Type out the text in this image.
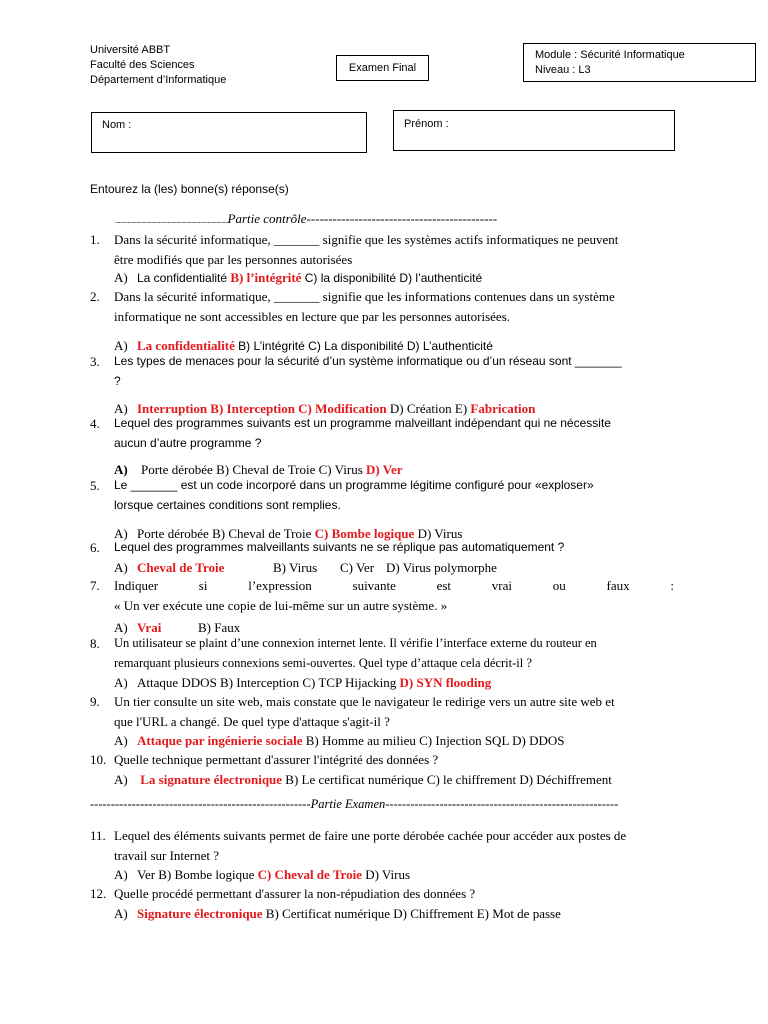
Université ABBT
Faculté des Sciences
Département d’Informatique
Examen Final
Module : Sécurité Informatique
Niveau : L3
Nom :	Prénom :
Entourez la (les) bonne(s) réponse(s)
..........................................................................................Partie contrôle--------------------------------------------
1. Dans la sécurité informatique, _______ signifie que les systèmes actifs informatiques ne peuvent
être modifiés que par les personnes autorisées
A) La confidentialité B) l’intégrité C) la disponibilité D) l’authenticité
2. Dans la sécurité informatique, _______ signifie que les informations contenues dans un système
informatique ne sont accessibles en lecture que par les personnes autorisées.
A) La confidentialité B) L’intégrité C) La disponibilité D) L’authenticité
3. Les types de menaces pour la sécurité d’un système informatique ou d’un réseau sont _______
?
A) Interruption B) Interception C) Modification D) Création E) Fabrication
4. Lequel des programmes suivants est un programme malveillant indépendant qui ne nécessite
aucun d’autre programme ?
A) Porte dérobée B) Cheval de Troie C) Virus D) Ver
5. Le _______ est un code incorporé dans un programme légitime configuré pour «exploser»
lorsque certaines conditions sont remplies.
A) Porte dérobée B) Cheval de Troie C) Bombe logique D) Virus
6. Lequel des programmes malveillants suivants ne se réplique pas automatiquement ?
A) Cheval de Troie	B) Virus C) Ver D) Virus polymorphe
7. Indiquer	si	l’expression	suivante	est	vrai	ou	faux	:
« Un ver exécute une copie de lui-même sur un autre système. »
A) Vrai	B) Faux
8. Un utilisateur se plaint d’une connexion internet lente. Il vérifie l’interface externe du routeur en
remarquant plusieurs connexions semi-ouvertes. Quel type d’attaque cela décrit-il ?
A) Attaque DDOS B) Interception C) TCP Hijacking D) SYN flooding
9. Un tier consulte un site web, mais constate que le navigateur le redirige vers un autre site web et
que l'URL a changé. De quel type d'attaque s'agit-il ?
A) Attaque par ingénierie sociale B) Homme au milieu C) Injection SQL D) DDOS
10. Quelle technique permettant d'assurer l'intégrité des données ?
A) La signature électronique B) Le certificat numérique C) le chiffrement D) Déchiffrement
-----------------------------------------------------Partie Examen--------------------------------------------------------
11. Lequel des éléments suivants permet de faire une porte dérobée cachée pour accéder aux postes de
travail sur Internet ?
A) Ver B) Bombe logique C) Cheval de Troie D) Virus
12. Quelle procédé permettant d'assurer la non-répudiation des données ?
A) Signature électronique B) Certificat numérique D) Chiffrement E) Mot de passe
